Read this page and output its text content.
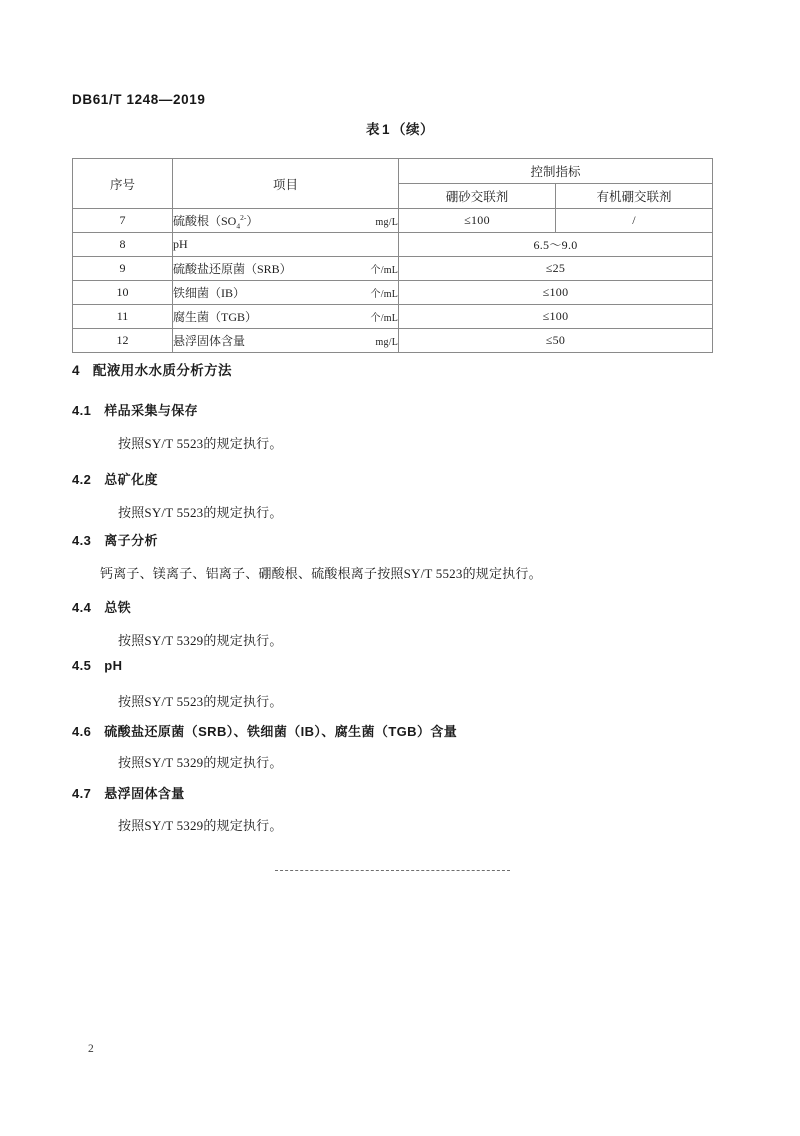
DB61/T 1248—2019
表 1 （续）
序号	项目	控制指标	
		硼砂交联剂	有机硼交联剂
7	硫酸根$(SO_4^{2-})$ mg/L	≤100	/
8	pH	6.5～9.0	
9	硫酸盐还原菌（SRB） 个/mL	≤25	
10	铁细菌（IB） 个/mL	≤100	
11	腐生菌（TGB） 个/mL	≤100	
12	悬浮固体含量 mg/L	≤50	
4 配液用水水质分析方法
4.1 样品采集与保存
按照SY/T 5523的规定执行。
4.2 总矿化度
按照SY/T 5523的规定执行。
4.3 离子分析
钙离子、镁离子、铝离子、硼酸根、硫酸根离子按照SY/T 5523的规定执行。
4.4 总铁
按照SY/T 5329的规定执行。
4.5 pH
按照SY/T 5523的规定执行。
4.6 硫酸盐还原菌（SRB）、铁细菌（IB）、腐生菌（TGB）含量
按照SY/T 5329的规定执行。
4.7 悬浮固体含量
按照SY/T 5329的规定执行。
2
